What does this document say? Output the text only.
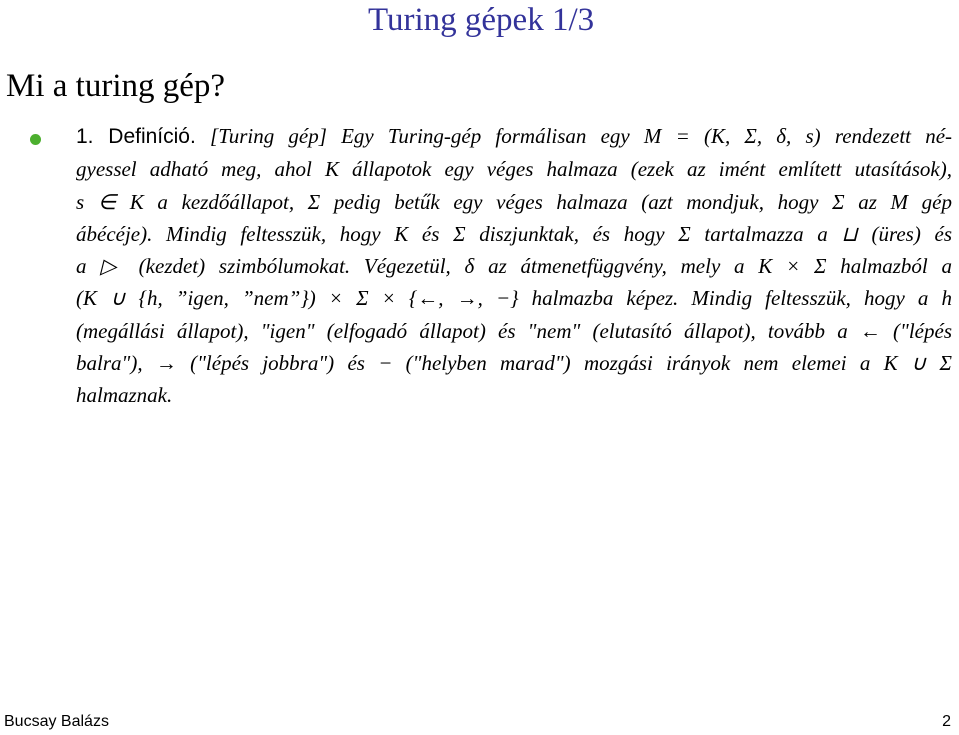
Turing gépek 1/3
Mi a turing gép?
1. Definíció. [Turing gép] Egy Turing-gép formálisan egy M = (K, Σ, δ, s) rendezett né-
gyessel adható meg, ahol K állapotok egy véges halmaza (ezek az imént említett utasítások),
s ∈ K a kezdőállapot, Σ pedig betűk egy véges halmaza (azt mondjuk, hogy Σ az M gép
ábécéje). Mindig feltesszük, hogy K és Σ diszjunktak, és hogy Σ tartalmazza a ⊔ (üres) és
a ▷ (kezdet) szimbólumokat. Végezetül, δ az átmenetfüggvény, mely a K × Σ halmazból a
(K ∪ {h, ”igen, ”nem”}) × Σ × {←, →, −} halmazba képez. Mindig feltesszük, hogy a h
(megállási állapot), "igen" (elfogadó állapot) és "nem" (elutasító állapot), tovább a ← ("lépés
balra"), → ("lépés jobbra") és − ("helyben marad") mozgási irányok nem elemei a K ∪ Σ
halmaznak.
Bucsay Balázs	2
